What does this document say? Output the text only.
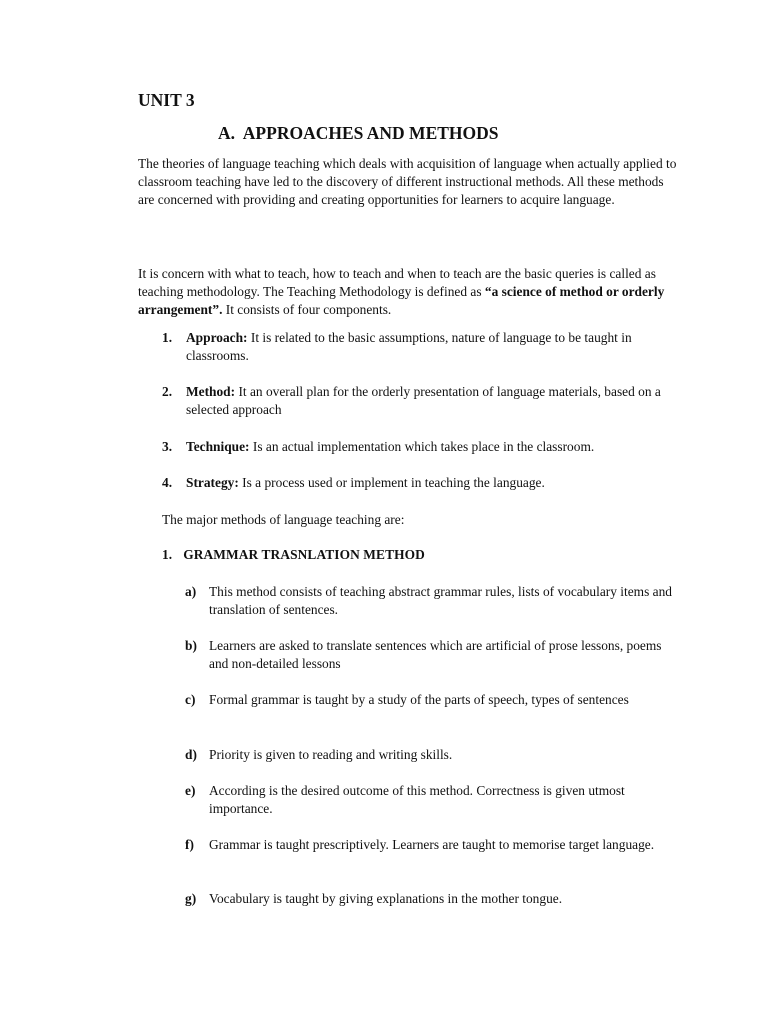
UNIT 3
A.  APPROACHES AND METHODS

The theories of language teaching which deals with acquisition of language when actually applied to classroom teaching have led to the discovery of different instructional methods. All these methods are concerned with providing and creating opportunities for learners to acquire language.

It is concern with what to teach, how to teach and when to teach are the basic queries is called as teaching methodology. The Teaching Methodology is defined as “a science of method or orderly arrangement”. It consists of four components.

1. Approach: It is related to the basic assumptions, nature of language to be taught in classrooms.
2. Method: It an overall plan for the orderly presentation of language materials, based on a selected approach
3. Technique: Is an actual implementation which takes place in the classroom.
4. Strategy: Is a process used or implement in teaching the language.

The major methods of language teaching are:

1. GRAMMAR TRASNLATION METHOD

a) This method consists of teaching abstract grammar rules, lists of vocabulary items and translation of sentences.
b) Learners are asked to translate sentences which are artificial of prose lessons, poems and non-detailed lessons
c) Formal grammar is taught by a study of the parts of speech, types of sentences
d) Priority is given to reading and writing skills.
e) According is the desired outcome of this method. Correctness is given utmost importance.
f) Grammar is taught prescriptively. Learners are taught to memorise target language.
g) Vocabulary is taught by giving explanations in the mother tongue.
